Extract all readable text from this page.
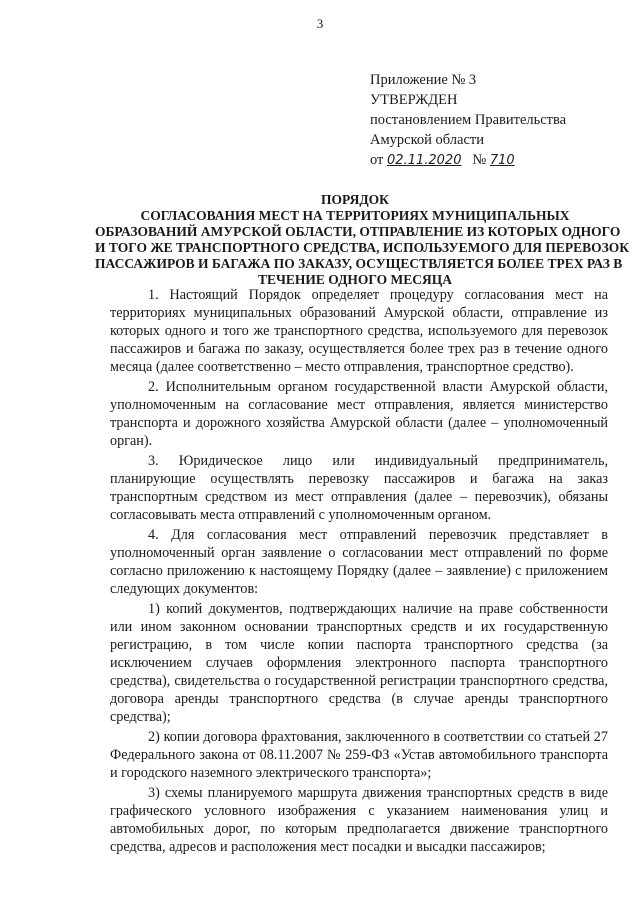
3
Приложение № 3
УТВЕРЖДЕН
постановлением Правительства
Амурской области
от 02.11.2020 № 710
ПОРЯДОК
СОГЛАСОВАНИЯ МЕСТ НА ТЕРРИТОРИЯХ МУНИЦИПАЛЬНЫХ
ОБРАЗОВАНИЙ АМУРСКОЙ ОБЛАСТИ, ОТПРАВЛЕНИЕ ИЗ КОТОРЫХ ОДНОГО
И ТОГО ЖЕ ТРАНСПОРТНОГО СРЕДСТВА, ИСПОЛЬЗУЕМОГО ДЛЯ ПЕРЕВОЗОК
ПАССАЖИРОВ И БАГАЖА ПО ЗАКАЗУ, ОСУЩЕСТВЛЯЕТСЯ БОЛЕЕ ТРЕХ РАЗ В
ТЕЧЕНИЕ ОДНОГО МЕСЯЦА

1. Настоящий Порядок определяет процедуру согласования мест на территориях муниципальных образований Амурской области, отправление из которых одного и того же транспортного средства, используемого для перевозок пассажиров и багажа по заказу, осуществляется более трех раз в течение одного месяца (далее соответственно – место отправления, транспортное средство).

2. Исполнительным органом государственной власти Амурской области, уполномоченным на согласование мест отправления, является министерство транспорта и дорожного хозяйства Амурской области (далее – уполномоченный орган).

3. Юридическое лицо или индивидуальный предприниматель, планирующие осуществлять перевозку пассажиров и багажа на заказ транспортным средством из мест отправления (далее – перевозчик), обязаны согласовывать места отправлений с уполномоченным органом.

4. Для согласования мест отправлений перевозчик представляет в уполномоченный орган заявление о согласовании мест отправлений по форме согласно приложению к настоящему Порядку (далее – заявление) с приложением следующих документов:

1) копий документов, подтверждающих наличие на праве собственности или ином законном основании транспортных средств и их государственную регистрацию, в том числе копии паспорта транспортного средства (за исключением случаев оформления электронного паспорта транспортного средства), свидетельства о государственной регистрации транспортного средства, договора аренды транспортного средства (в случае аренды транспортного средства);

2) копии договора фрахтования, заключенного в соответствии со статьей 27 Федерального закона от 08.11.2007 № 259-ФЗ «Устав автомобильного транспорта и городского наземного электрического транспорта»;

3) схемы планируемого маршрута движения транспортных средств в виде графического условного изображения с указанием наименования улиц и автомобильных дорог, по которым предполагается движение транспортного средства, адресов и расположения мест посадки и высадки пассажиров;
